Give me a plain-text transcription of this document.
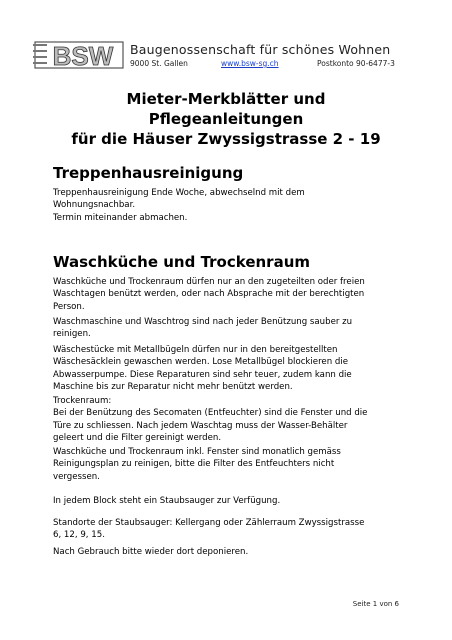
BSW Baugenossenschaft für schönes Wohnen
9000 St. Gallen	www.bsw-sg.ch	Postkonto 90-6477-3
Mieter-Merkblätter und
Pflegeanleitungen
für die Häuser Zwyssigstrasse 2 - 19
Treppenhausreinigung
Treppenhausreinigung Ende Woche, abwechselnd mit dem
Wohnungsnachbar.
Termin miteinander abmachen.
Waschküche und Trockenraum
Waschküche und Trockenraum dürfen nur an den zugeteilten oder freien
Waschtagen benützt werden, oder nach Absprache mit der berechtigten
Person.
Waschmaschine und Waschtrog sind nach jeder Benützung sauber zu
reinigen.
Wäschestücke mit Metallbügeln dürfen nur in den bereitgestellten
Wäschesäcklein gewaschen werden. Lose Metallbügel blockieren die
Abwasserpumpe. Diese Reparaturen sind sehr teuer, zudem kann die
Maschine bis zur Reparatur nicht mehr benützt werden.
Trockenraum:
Bei der Benützung des Secomaten (Entfeuchter) sind die Fenster und die
Türe zu schliessen. Nach jedem Waschtag muss der Wasser-Behälter
geleert und die Filter gereinigt werden.
Waschküche und Trockenraum inkl. Fenster sind monatlich gemäss
Reinigungsplan zu reinigen, bitte die Filter des Entfeuchters nicht
vergessen.
In jedem Block steht ein Staubsauger zur Verfügung.
Standorte der Staubsauger: Kellergang oder Zählerraum Zwyssigstrasse
6, 12, 9, 15.
Nach Gebrauch bitte wieder dort deponieren.
Seite 1 von 6
